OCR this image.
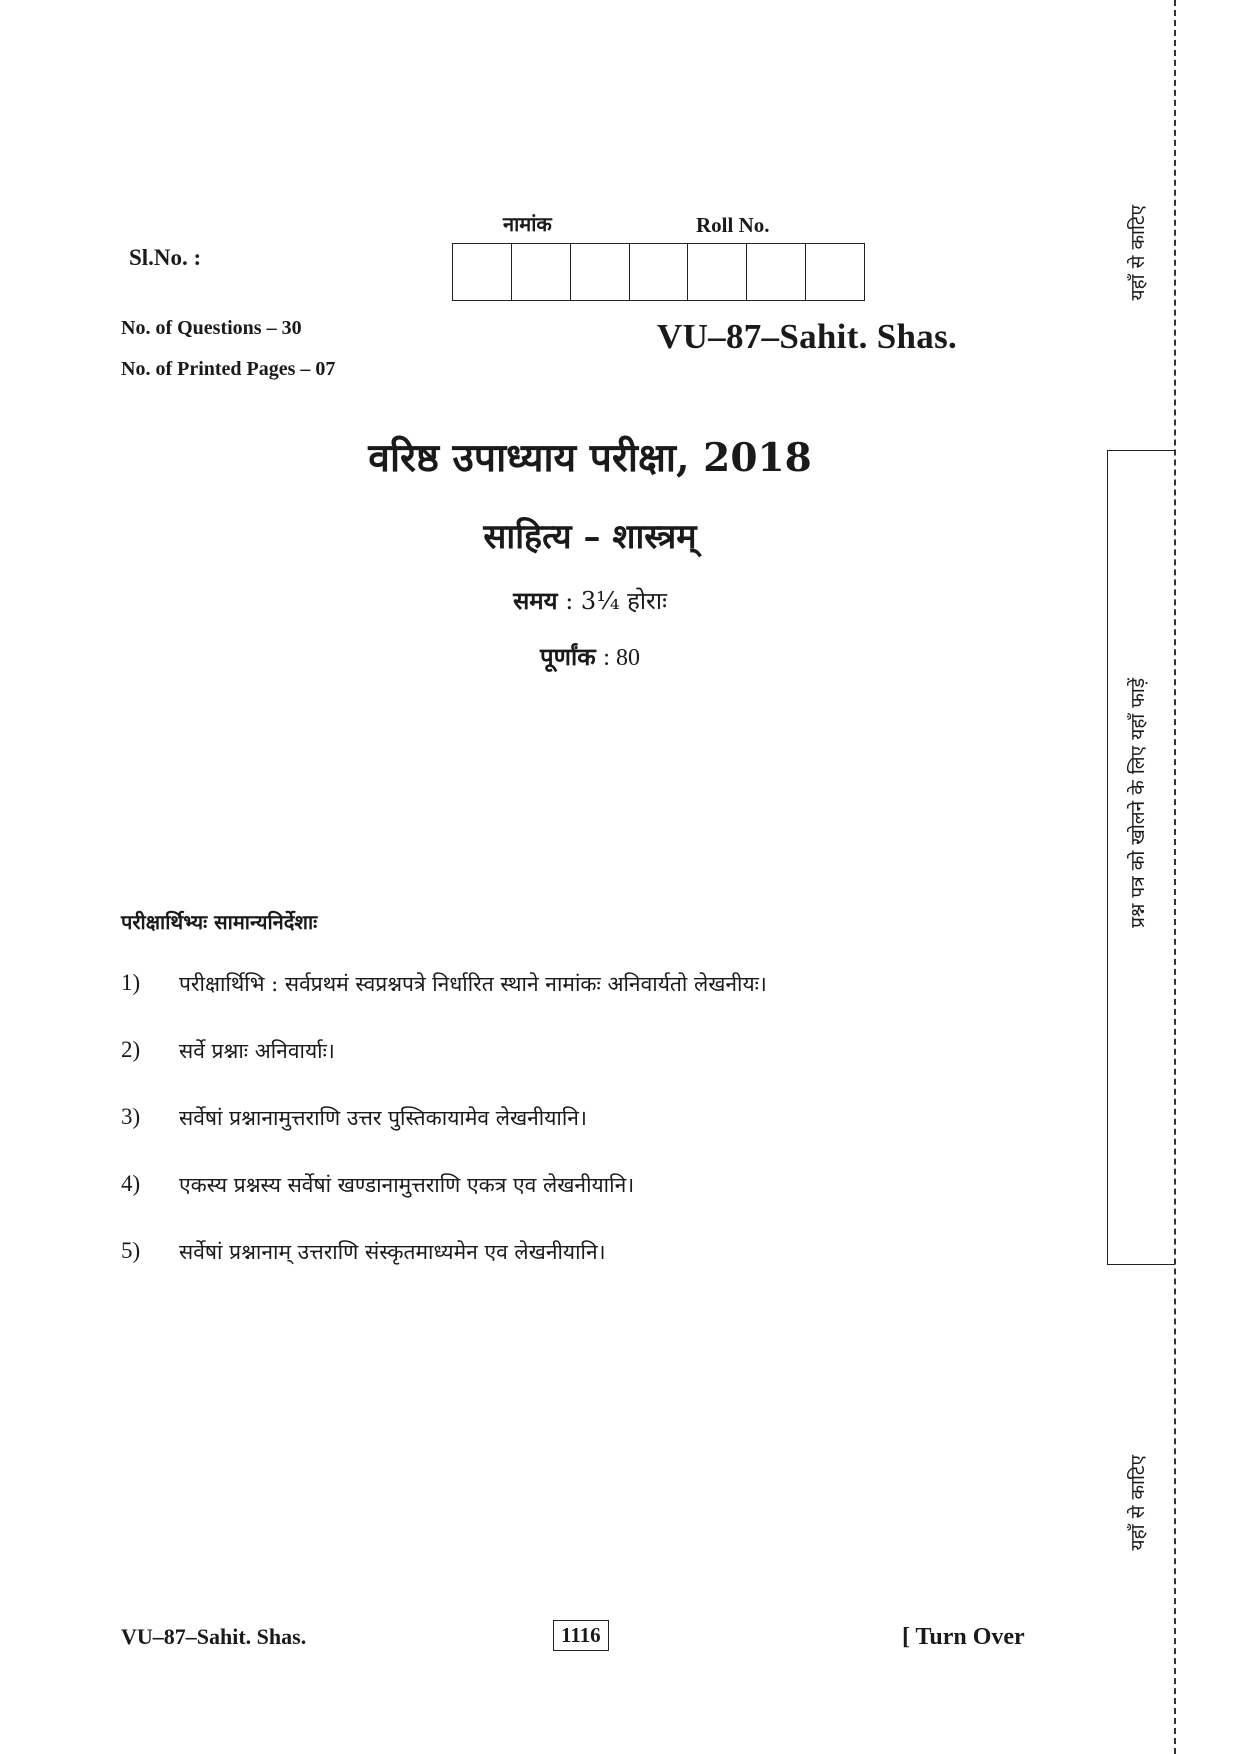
Sl.No. :
नामांक	Roll No.
No. of Questions – 30
No. of Printed Pages – 07
VU–87–Sahit. Shas.
वरिष्ठ उपाध्याय परीक्षा, 2018
साहित्य – शास्त्रम्
समय : 3¼ होराः
पूर्णांक : 80
परीक्षार्थिभ्यः सामान्यनिर्देशाः
1)	परीक्षार्थिभि : सर्वप्रथमं स्वप्रश्नपत्रे निर्धारित स्थाने नामांकः अनिवार्यतो लेखनीयः।
2)	सर्वे प्रश्नाः अनिवार्याः।
3)	सर्वेषां प्रश्नानामुत्तराणि उत्तर पुस्तिकायामेव लेखनीयानि।
4)	एकस्य प्रश्नस्य सर्वेषां खण्डानामुत्तराणि एकत्र एव लेखनीयानि।
5)	सर्वेषां प्रश्नानाम् उत्तराणि संस्कृतमाध्यमेन एव लेखनीयानि।
VU–87–Sahit. Shas.	1116	[ Turn Over
यहाँ से काटिए
प्रश्न पत्र को खोलने के लिए यहाँ फाड़ें
यहाँ से काटिए
